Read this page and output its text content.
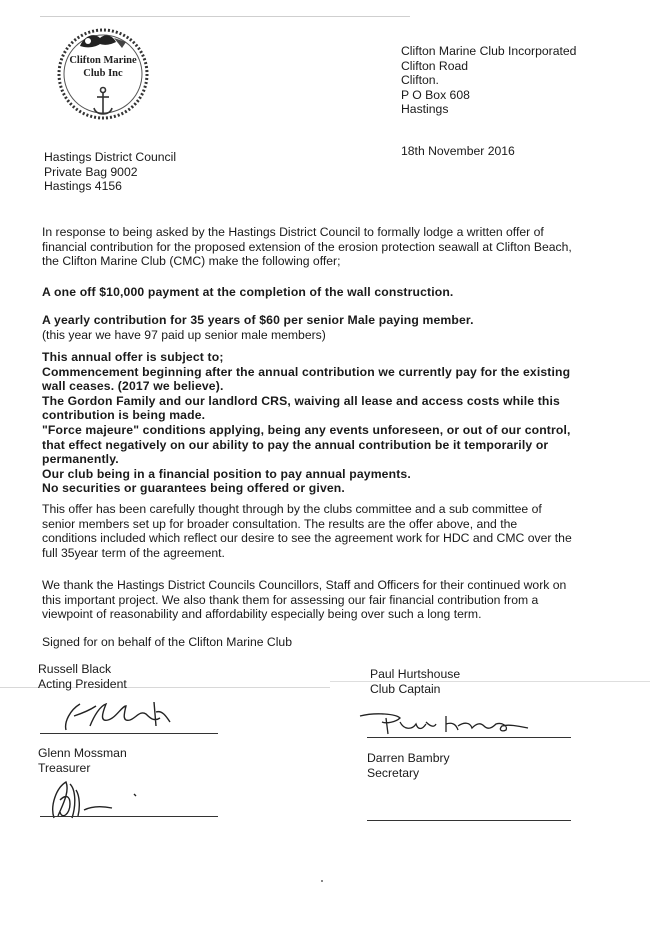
Clifton Marine
Club Inc
Clifton Marine Club Incorporated
Clifton Road
Clifton.
P O Box 608
Hastings
18th November 2016
Hastings District Council
Private Bag 9002
Hastings 4156
In response to being asked by the Hastings District Council to formally lodge a written offer of
financial contribution for the proposed extension of the erosion protection seawall at Clifton Beach,
the Clifton Marine Club (CMC) make the following offer;
A one off $10,000 payment at the completion of the wall construction.
A yearly contribution for 35 years of $60 per senior Male paying member.
(this year we have 97 paid up senior male members)
This annual offer is subject to;
Commencement beginning after the annual contribution we currently pay for the existing
wall ceases. (2017 we believe).
The Gordon Family and our landlord CRS, waiving all lease and access costs while this
contribution is being made.
"Force majeure" conditions applying, being any events unforeseen, or out of our control,
that effect negatively on our ability to pay the annual contribution be it temporarily or
permanently.
Our club being in a financial position to pay annual payments.
No securities or guarantees being offered or given.
This offer has been carefully thought through by the clubs committee and a sub committee of
senior members set up for broader consultation. The results are the offer above, and the
conditions included which reflect our desire to see the agreement work for HDC and CMC over the
full 35year term of the agreement.
We thank the Hastings District Councils Councillors, Staff and Officers for their continued work on
this important project. We also thank them for assessing our fair financial contribution from a
viewpoint of reasonability and affordability especially being over such a long term.
Signed for on behalf of the Clifton Marine Club
Russell Black
Acting President
Paul Hurtshouse
Club Captain
Glenn Mossman
Treasurer
Darren Bambry
Secretary
